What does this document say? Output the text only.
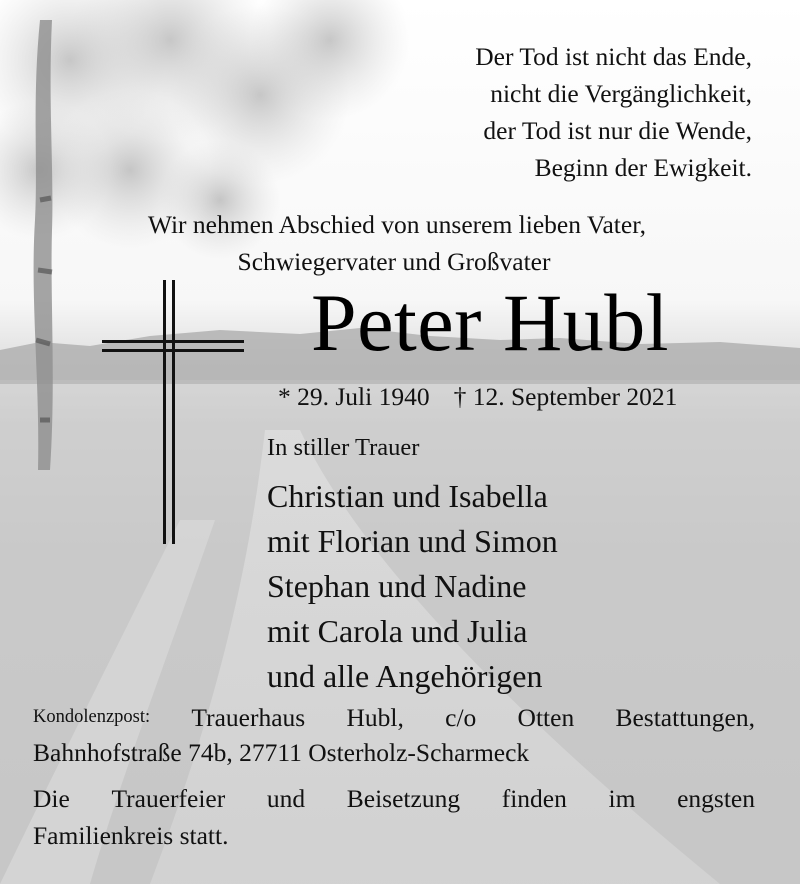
Der Tod ist nicht das Ende,
nicht die Vergänglichkeit,
der Tod ist nur die Wende,
Beginn der Ewigkeit.
Wir nehmen Abschied von unserem lieben Vater,
Schwiegervater und Großvater
Peter Hubl
* 29. Juli 1940 † 12. September 2021
In stiller Trauer
Christian und Isabella
mit Florian und Simon
Stephan und Nadine
mit Carola und Julia
und alle Angehörigen
Kondolenzpost: Trauerhaus Hubl, c/o Otten Bestattungen,
Bahnhofstraße 74b, 27711 Osterholz-Scharmeck
Die Trauerfeier und Beisetzung finden im engsten
Familienkreis statt.
